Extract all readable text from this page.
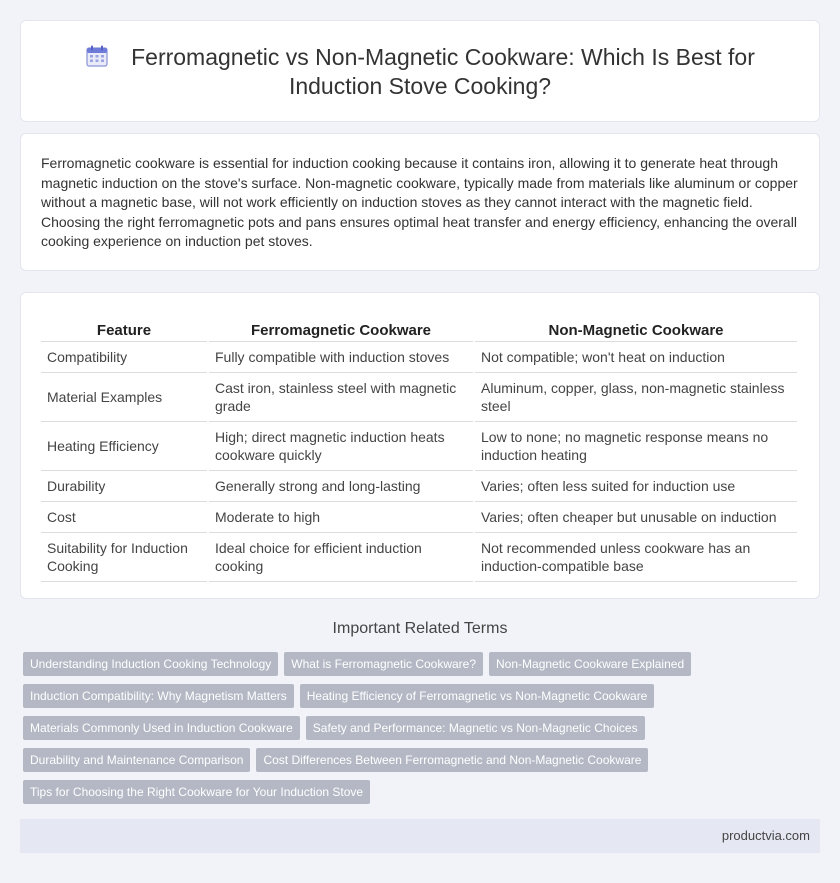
Ferromagnetic vs Non-Magnetic Cookware: Which Is Best for Induction Stove Cooking?

Ferromagnetic cookware is essential for induction cooking because it contains iron, allowing it to generate heat through magnetic induction on the stove's surface. Non-magnetic cookware, typically made from materials like aluminum or copper without a magnetic base, will not work efficiently on induction stoves as they cannot interact with the magnetic field. Choosing the right ferromagnetic pots and pans ensures optimal heat transfer and energy efficiency, enhancing the overall cooking experience on induction pet stoves.

Feature	Ferromagnetic Cookware	Non-Magnetic Cookware
Compatibility	Fully compatible with induction stoves	Not compatible; won't heat on induction
Material Examples	Cast iron, stainless steel with magnetic grade	Aluminum, copper, glass, non-magnetic stainless steel
Heating Efficiency	High; direct magnetic induction heats cookware quickly	Low to none; no magnetic response means no induction heating
Durability	Generally strong and long-lasting	Varies; often less suited for induction use
Cost	Moderate to high	Varies; often cheaper but unusable on induction
Suitability for Induction Cooking	Ideal choice for efficient induction cooking	Not recommended unless cookware has an induction-compatible base
Important Related Terms
Understanding Induction Cooking Technology	What is Ferromagnetic Cookware?	Non-Magnetic Cookware Explained
Induction Compatibility: Why Magnetism Matters	Heating Efficiency of Ferromagnetic vs Non-Magnetic Cookware
Materials Commonly Used in Induction Cookware	Safety and Performance: Magnetic vs Non-Magnetic Choices
Durability and Maintenance Comparison	Cost Differences Between Ferromagnetic and Non-Magnetic Cookware
Tips for Choosing the Right Cookware for Your Induction Stove
productvia.com
